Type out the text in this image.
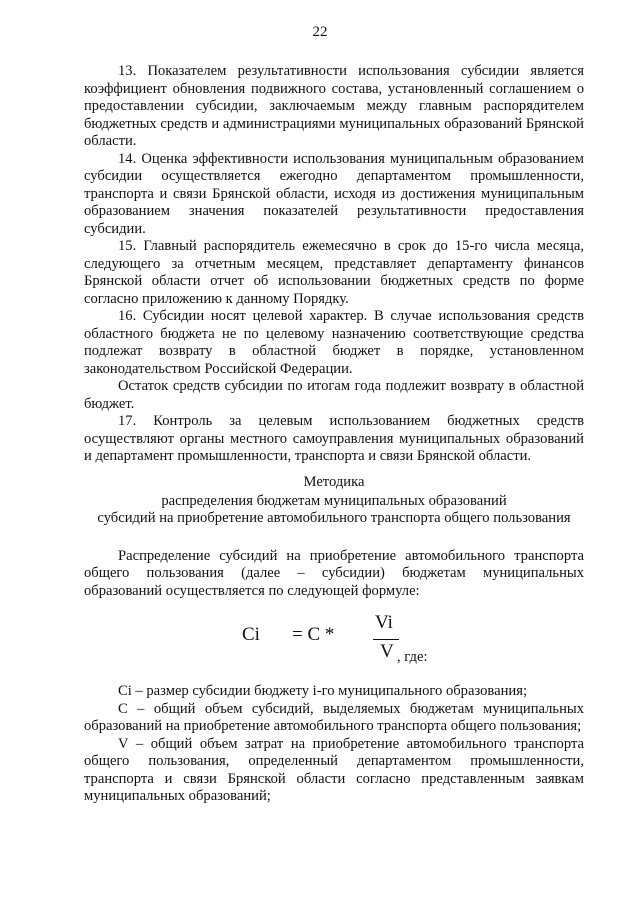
22

13. Показателем результативности использования субсидии является коэффициент обновления подвижного состава, установленный соглашением о предоставлении субсидии, заключаемым между главным распорядителем бюджетных средств и администрациями муниципальных образований Брянской области.

14. Оценка эффективности использования муниципальным образованием субсидии осуществляется ежегодно департаментом промышленности, транспорта и связи Брянской области, исходя из достижения муниципальным образованием значения показателей результативности предоставления субсидии.

15. Главный распорядитель ежемесячно в срок до 15-го числа месяца, следующего за отчетным месяцем, представляет департаменту финансов Брянской области отчет об использовании бюджетных средств по форме согласно приложению к данному Порядку.

16. Субсидии носят целевой характер. В случае использования средств областного бюджета не по целевому назначению соответствующие средства подлежат возврату в областной бюджет в порядке, установленном законодательством Российской Федерации.

Остаток средств субсидии по итогам года подлежит возврату в областной бюджет.

17. Контроль за целевым использованием бюджетных средств осуществляют органы местного самоуправления муниципальных образований и департамент промышленности, транспорта и связи Брянской области.

Методика

распределения бюджетам муниципальных образований

субсидий на приобретение автомобильного транспорта общего пользования

Распределение субсидий на приобретение автомобильного транспорта общего пользования (далее – субсидии) бюджетам муниципальных образований осуществляется по следующей формуле:

Ci = C *
Vi
V , где:

Ci – размер субсидии бюджету i-го муниципального образования;

С – общий объем субсидий, выделяемых бюджетам муниципальных образований на приобретение автомобильного транспорта общего пользования;

V – общий объем затрат на приобретение автомобильного транспорта общего пользования, определенный департаментом промышленности, транспорта и связи Брянской области согласно представленным заявкам муниципальных образований;
